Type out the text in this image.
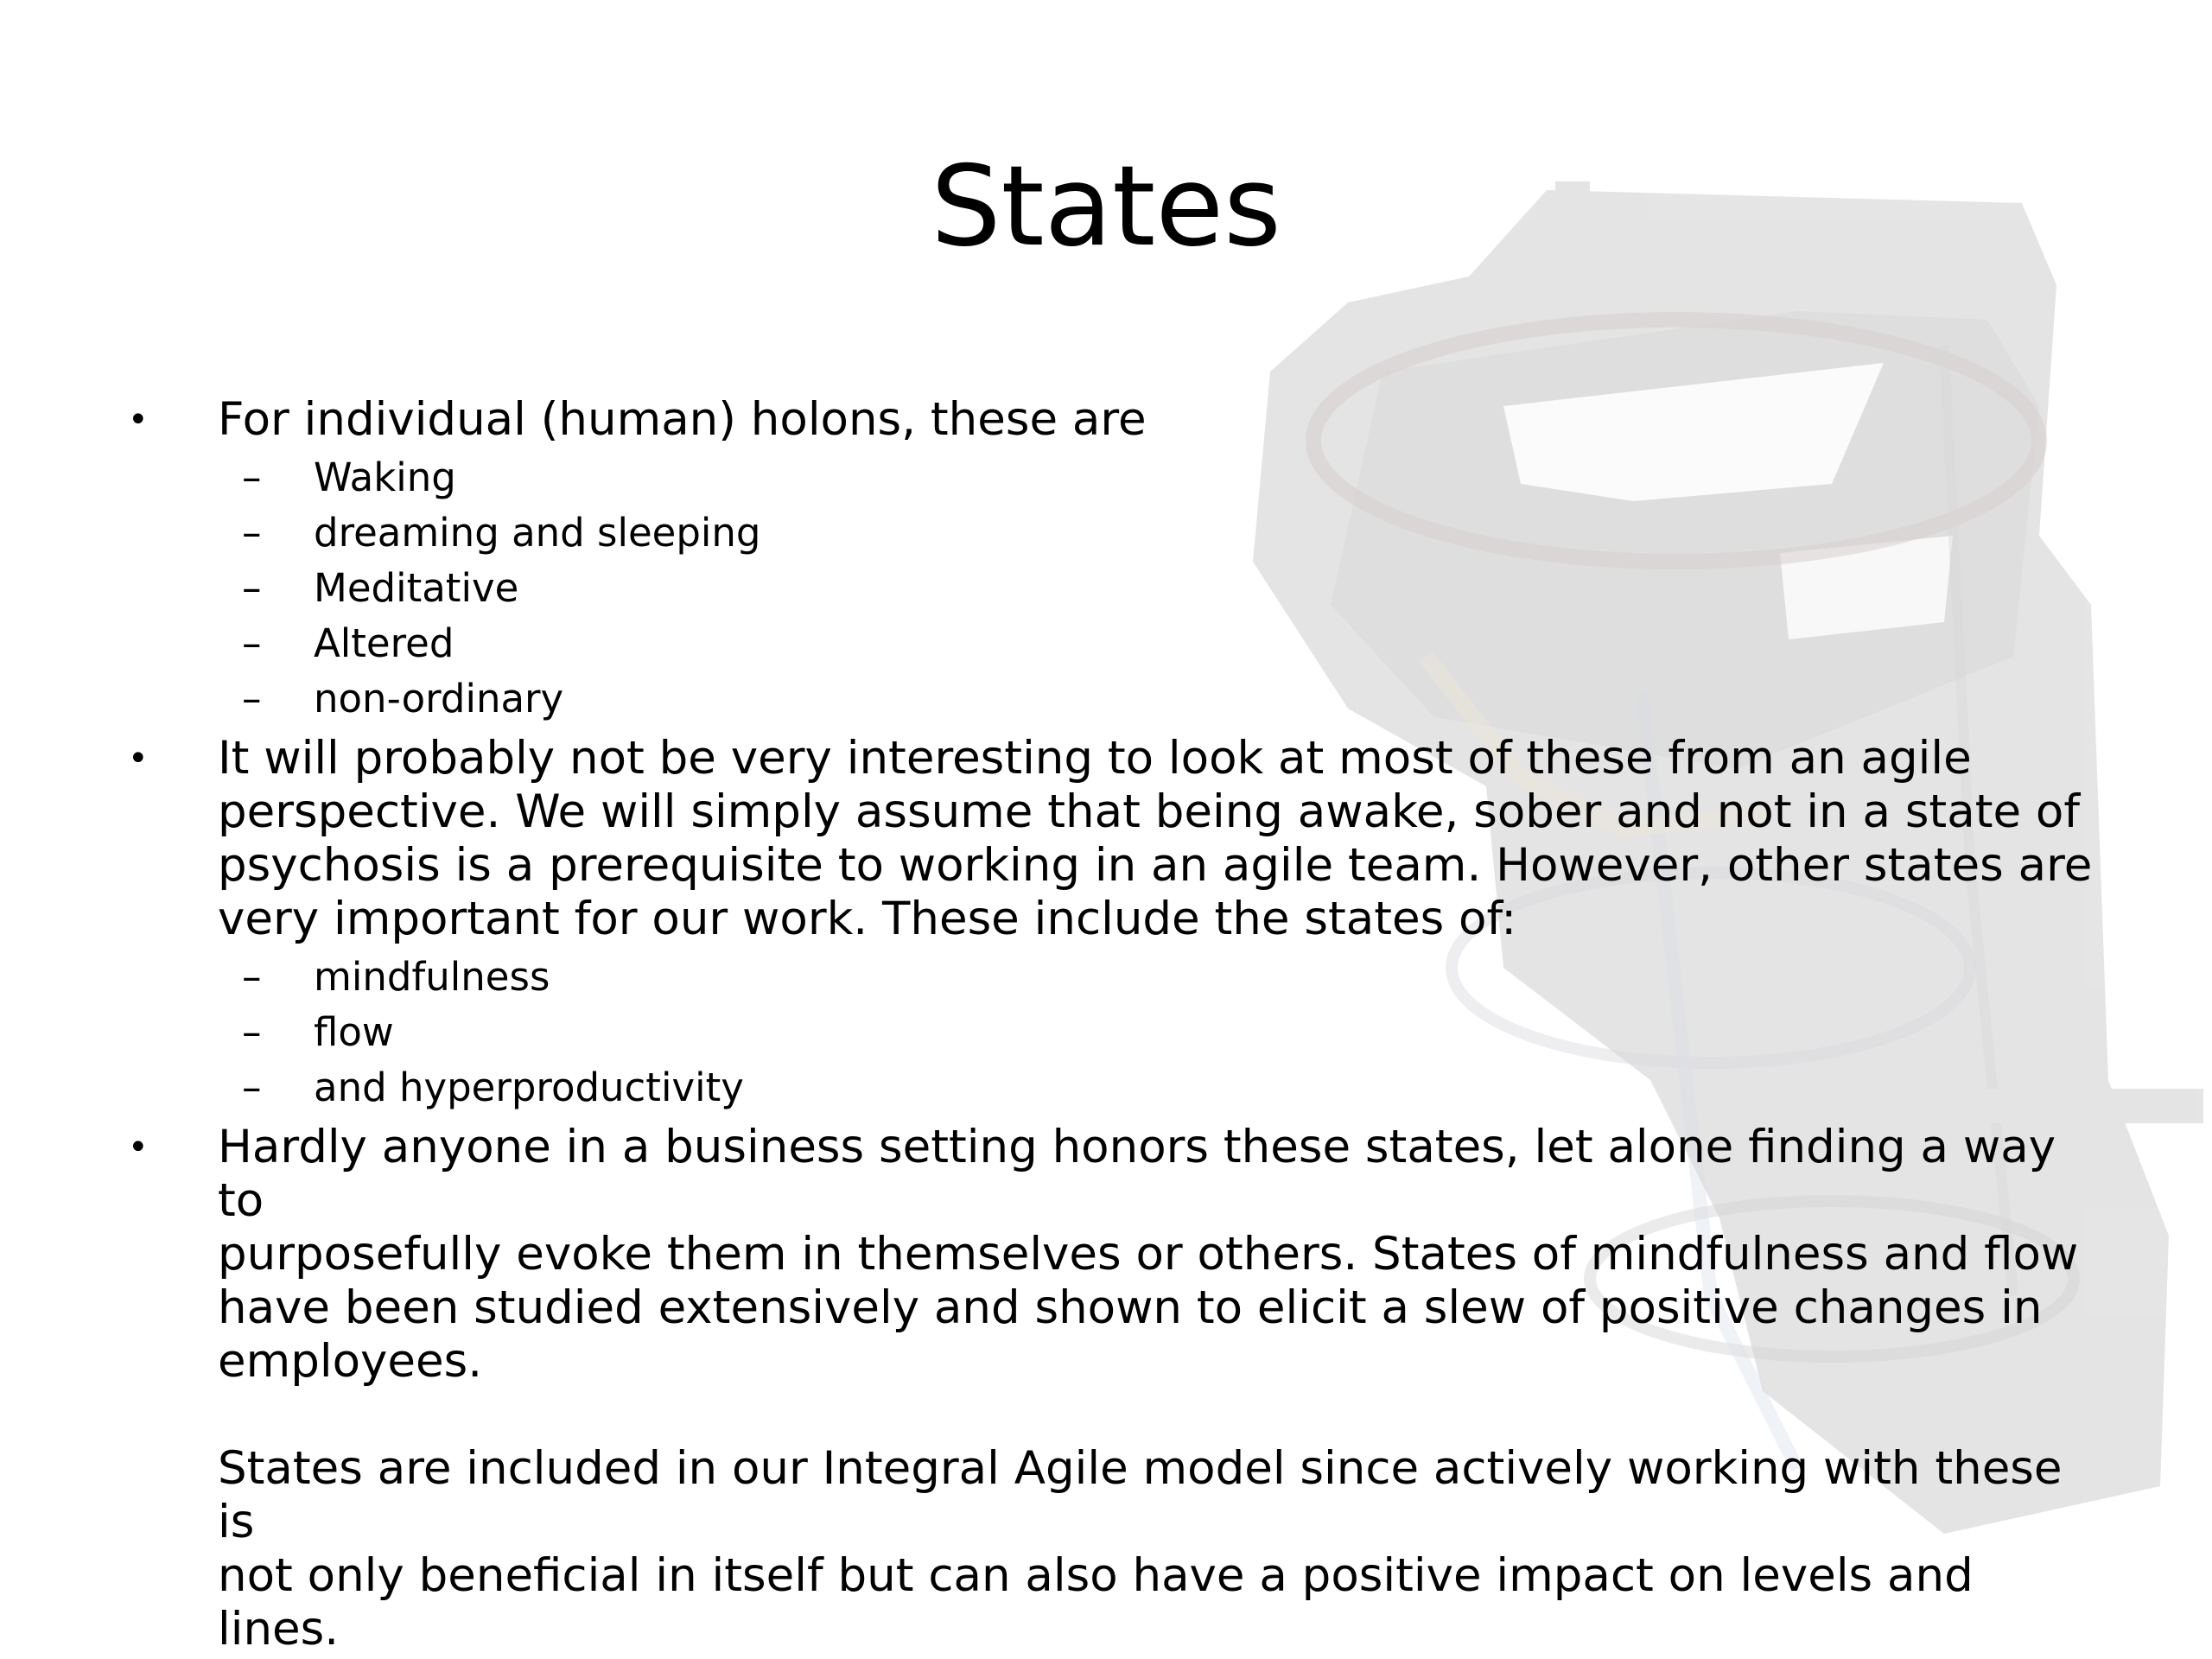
States
•	For individual (human) holons, these are
– Waking
– dreaming and sleeping
– Meditative
– Altered
– non-ordinary
•	It will probably not be very interesting to look at most of these from an agile
perspective. We will simply assume that being awake, sober and not in a state of
psychosis is a prerequisite to working in an agile team. However, other states are
very important for our work. These include the states of:
– mindfulness
– flow
– and hyperproductivity
•	Hardly anyone in a business setting honors these states, let alone finding a way to
purposefully evoke them in themselves or others. States of mindfulness and flow
have been studied extensively and shown to elicit a slew of positive changes in
employees.
States are included in our Integral Agile model since actively working with these is
not only beneficial in itself but can also have a positive impact on levels and lines.
